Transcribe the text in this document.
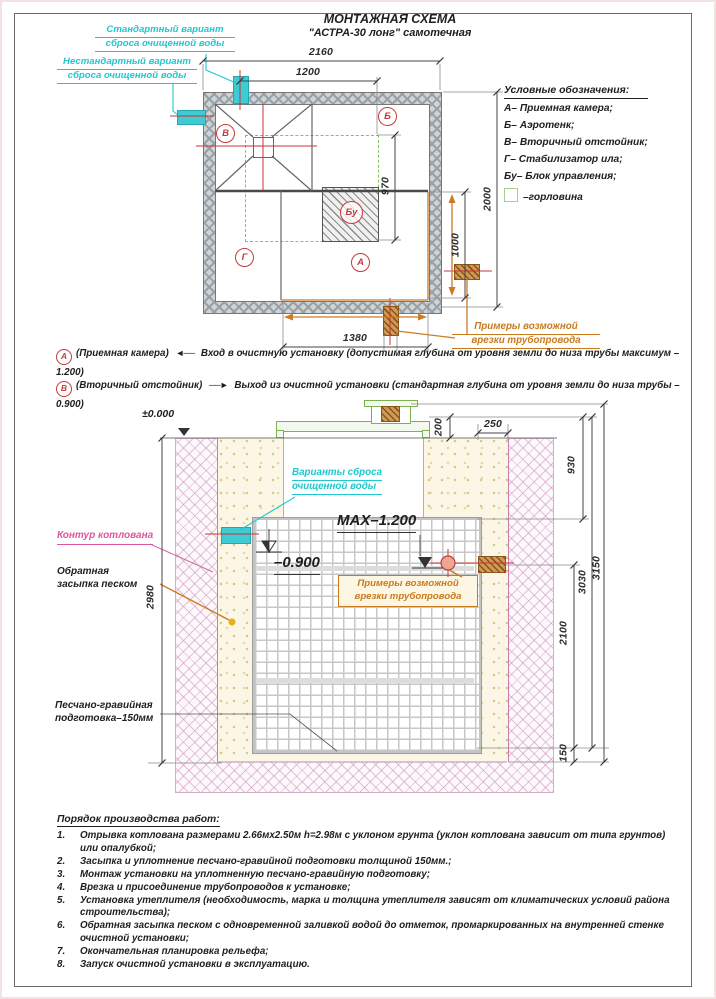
В
Б
Бу
Г	А
Примеры возможной
врезки трубопровода
МОНТАЖНАЯ СХЕМА
"АСТРА-30 лонг" самотечная
Стандартный вариант
сброса очищенной воды
Нестандартный вариант
сброса очищенной воды
Условные обозначения:
А– Приемная камера;
Б– Аэротенк;
В– Вторичный отстойник;
Г– Стабилизатор ила;
Бу– Блок управления;
–горловина
2160
1200
2000
1000
970
1380
Примеры возможной
врезки трубопровода
А (Приемная камера) ◄── Вход в очистную установку (допустимая глубина от уровня земли до низа трубы максимум –1.200)
В (Вторичный отстойник) ──► Выход из очистной установки (стандартная глубина от уровня земли до низа трубы –0.900)
±0.000
Варианты сброса
очищенной воды
Контур котлована
Обратная
засыпка песком
Песчано-гравийная
подготовка–150мм
MAX–1.200
–0.900
200	250
930
3030
3150
2100
150
2980
Порядок производства работ:
1.	Отрывка котлована размерами 2.66мх2.50м h=2.98м с уклоном грунта (уклон котлована зависит от типа грунтов) или опалубкой;
2.	Засыпка и уплотнение песчано-гравийной подготовки толщиной 150мм.;
3.	Монтаж установки на уплотненную песчано-гравийную подготовку;
4.	Врезка и присоединение трубопроводов к установке;
5.	Установка утеплителя (необходимость, марка и толщина утеплителя зависят от климатических условий района строительства);
6.	Обратная засыпка песком с одновременной заливкой водой до отметок, промаркированных на внутренней стенке очистной установки;
7.	Окончательная планировка рельефа;
8.	Запуск очистной установки в эксплуатацию.
